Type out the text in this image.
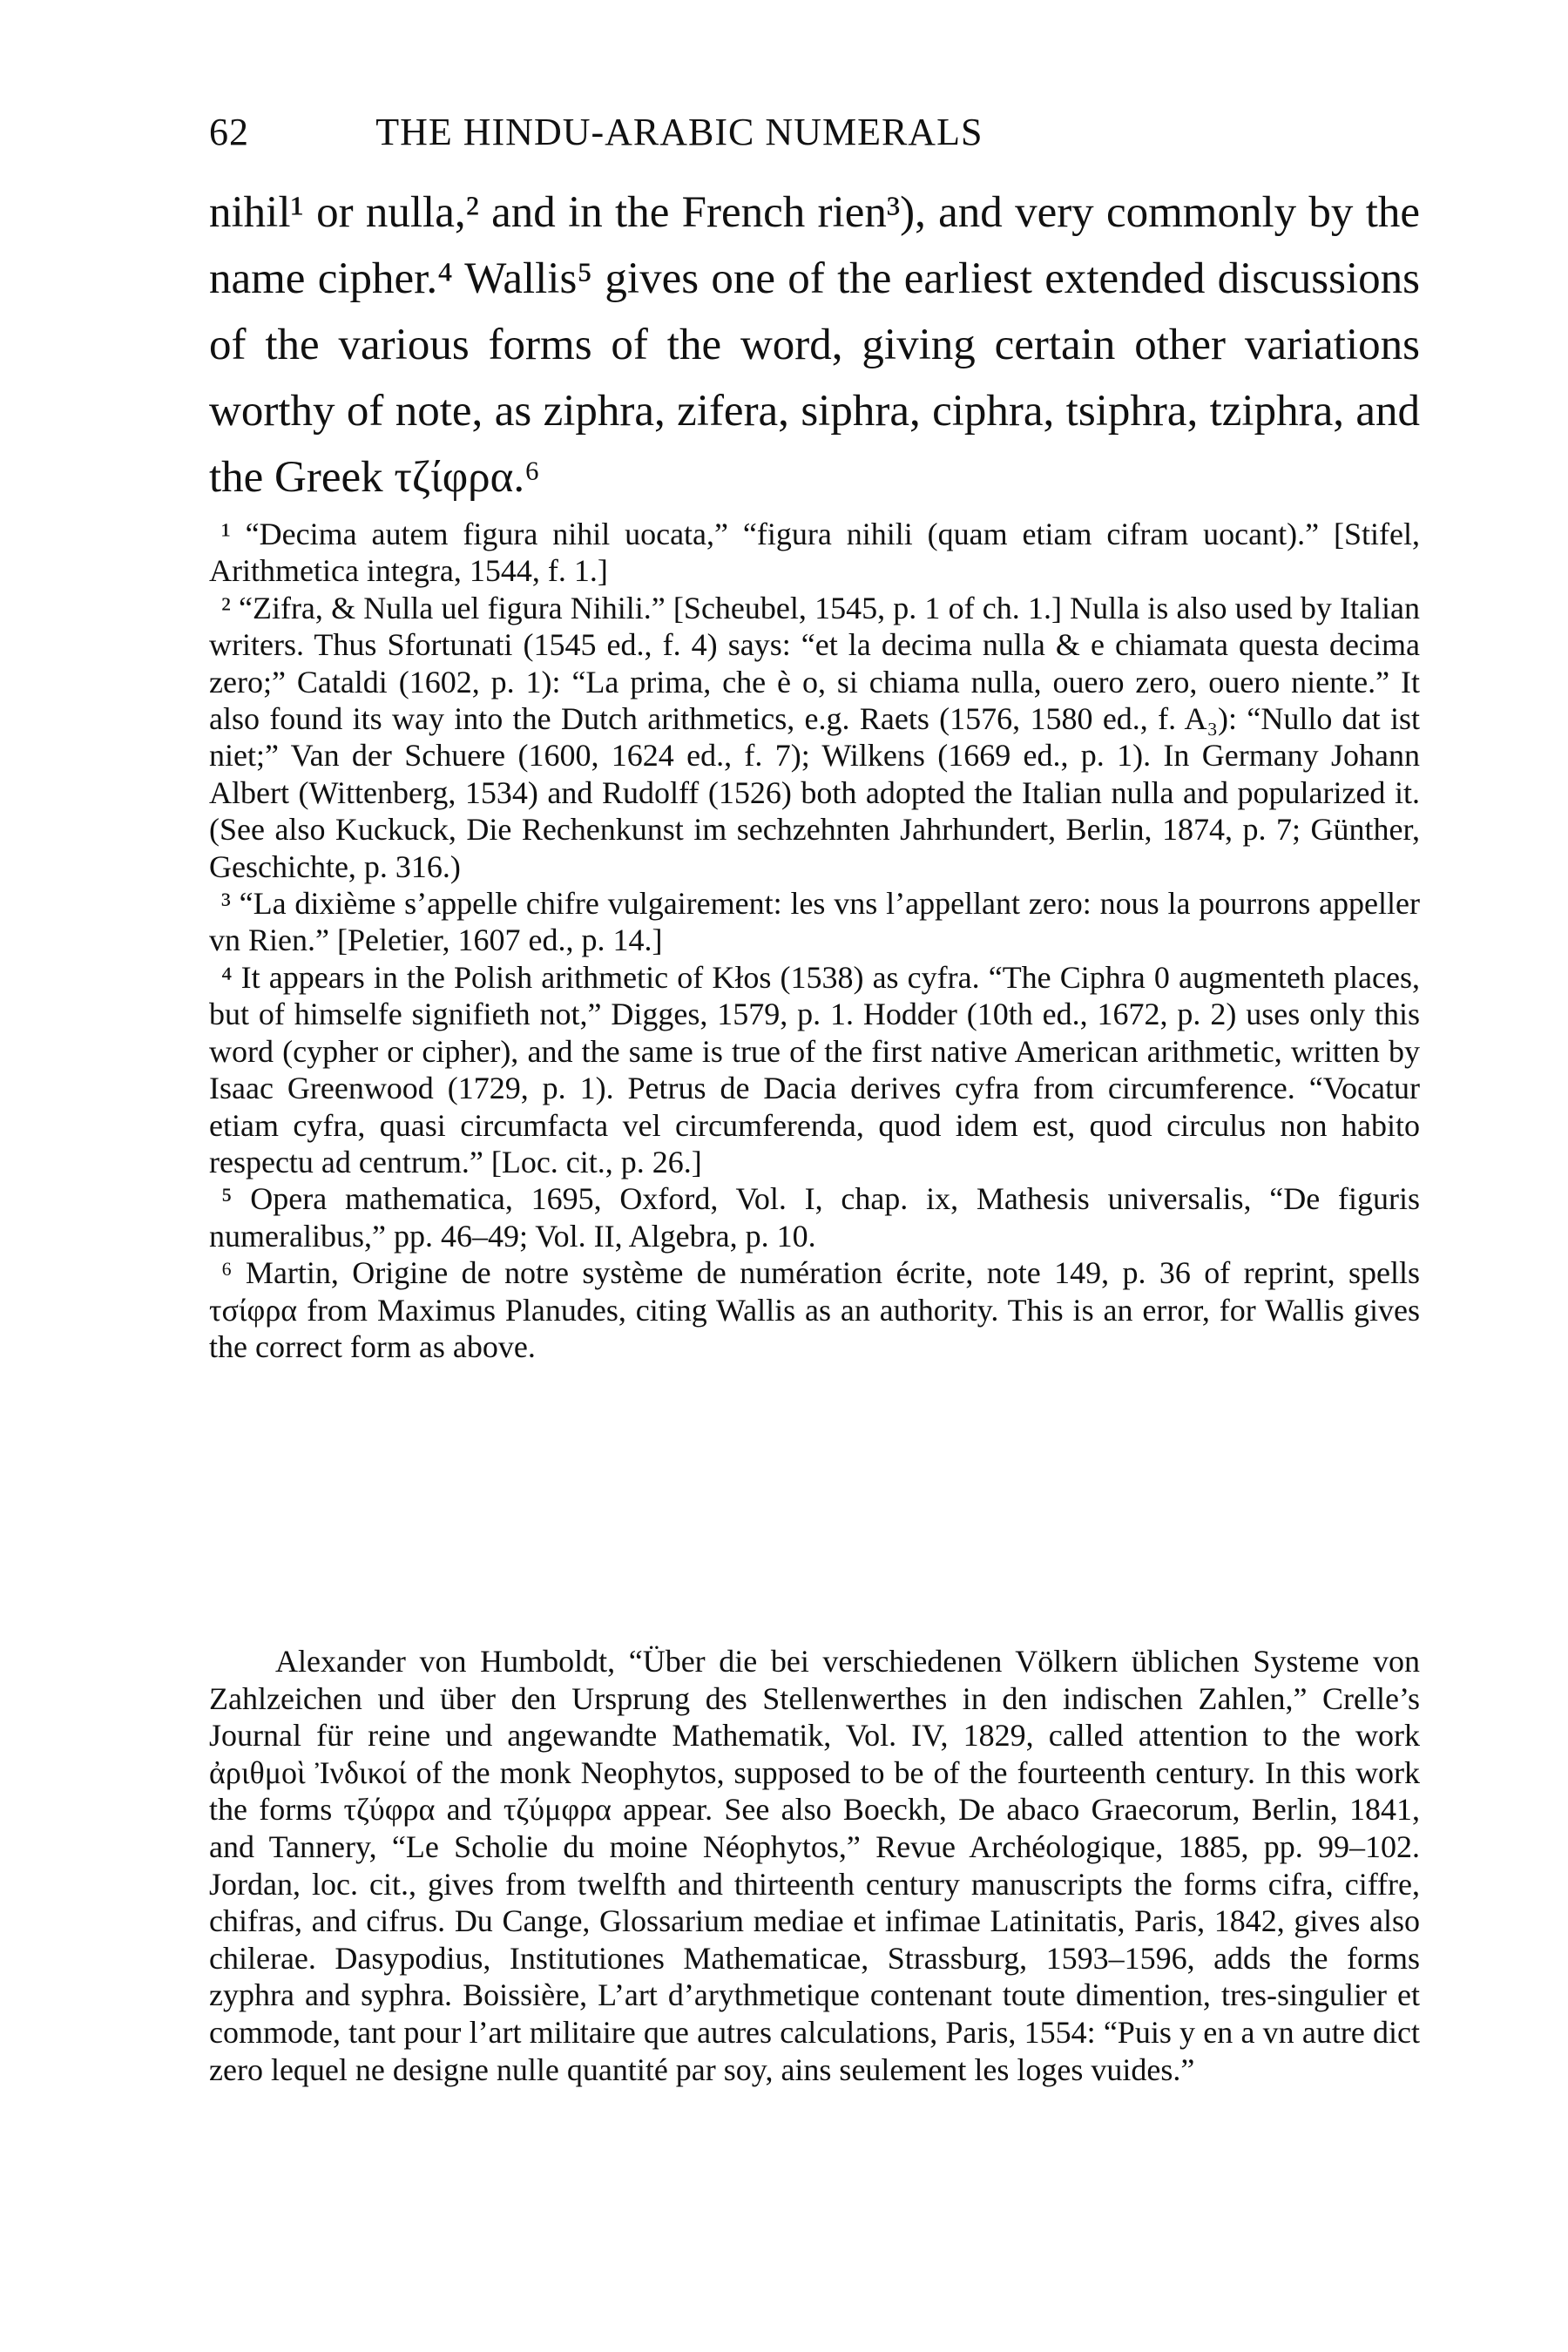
62	THE HINDU-ARABIC NUMERALS

nihil¹ or nulla,² and in the French rien³), and very commonly by the name cipher.⁴ Wallis⁵ gives one of the earliest extended discussions of the various forms of the word, giving certain other variations worthy of note, as ziphra, zifera, siphra, ciphra, tsiphra, tziphra, and the Greek τζίφρα.⁶

¹ “Decima autem figura nihil uocata,” “figura nihili (quam etiam cifram uocant).” [Stifel, Arithmetica integra, 1544, f. 1.]

² “Zifra, & Nulla uel figura Nihili.” [Scheubel, 1545, p. 1 of ch. 1.] Nulla is also used by Italian writers. Thus Sfortunati (1545 ed., f. 4) says: “et la decima nulla & e chiamata questa decima zero;” Cataldi (1602, p. 1): “La prima, che è o, si chiama nulla, ouero zero, ouero niente.” It also found its way into the Dutch arithmetics, e.g. Raets (1576, 1580 ed., f. A₃): “Nullo dat ist niet;” Van der Schuere (1600, 1624 ed., f. 7); Wilkens (1669 ed., p. 1). In Germany Johann Albert (Wittenberg, 1534) and Rudolff (1526) both adopted the Italian nulla and popularized it. (See also Kuckuck, Die Rechenkunst im sechzehnten Jahrhundert, Berlin, 1874, p. 7; Günther, Geschichte, p. 316.)

³ “La dixième s’appelle chifre vulgairement: les vns l’appellant zero: nous la pourrons appeller vn Rien.” [Peletier, 1607 ed., p. 14.]

⁴ It appears in the Polish arithmetic of Kłos (1538) as cyfra. “The Ciphra 0 augmenteth places, but of himselfe signifieth not,” Digges, 1579, p. 1. Hodder (10th ed., 1672, p. 2) uses only this word (cypher or cipher), and the same is true of the first native American arithmetic, written by Isaac Greenwood (1729, p. 1). Petrus de Dacia derives cyfra from circumference. “Vocatur etiam cyfra, quasi circumfacta vel circumferenda, quod idem est, quod circulus non habito respectu ad centrum.” [Loc. cit., p. 26.]

⁵ Opera mathematica, 1695, Oxford, Vol. I, chap. ix, Mathesis universalis, “De figuris numeralibus,” pp. 46–49; Vol. II, Algebra, p. 10.

⁶ Martin, Origine de notre système de numération écrite, note 149, p. 36 of reprint, spells τσίφρα from Maximus Planudes, citing Wallis as an authority. This is an error, for Wallis gives the correct form as above.

Alexander von Humboldt, “Über die bei verschiedenen Völkern üblichen Systeme von Zahlzeichen und über den Ursprung des Stellenwerthes in den indischen Zahlen,” Crelle’s Journal für reine und angewandte Mathematik, Vol. IV, 1829, called attention to the work ἀριθμοὶ Ἰνδικοί of the monk Neophytos, supposed to be of the fourteenth century. In this work the forms τζύφρα and τζύμφρα appear. See also Boeckh, De abaco Graecorum, Berlin, 1841, and Tannery, “Le Scholie du moine Néophytos,” Revue Archéologique, 1885, pp. 99–102. Jordan, loc. cit., gives from twelfth and thirteenth century manuscripts the forms cifra, ciffre, chifras, and cifrus. Du Cange, Glossarium mediae et infimae Latinitatis, Paris, 1842, gives also chilerae. Dasypodius, Institutiones Mathematicae, Strassburg, 1593–1596, adds the forms zyphra and syphra. Boissière, L’art d’arythmetique contenant toute dimention, tres-singulier et commode, tant pour l’art militaire que autres calculations, Paris, 1554: “Puis y en a vn autre dict zero lequel ne designe nulle quantité par soy, ains seulement les loges vuides.”
